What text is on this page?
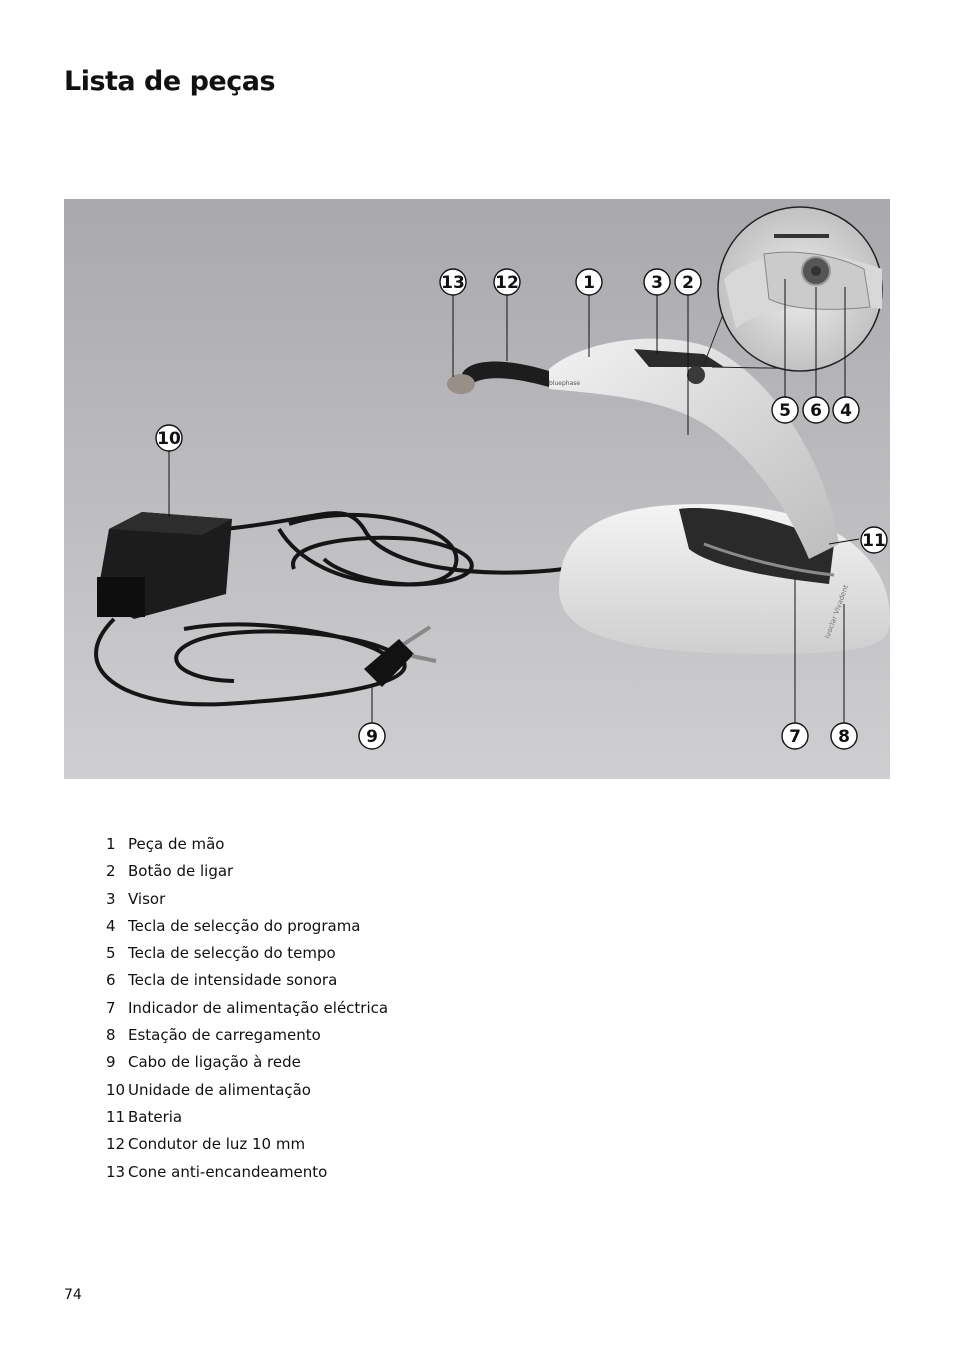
Lista de peças
Ivoclar Vivadent
bluephase
13 12	1	3 2
5 6 4
10
11
9	7 8
1 Peça de mão
2 Botão de ligar
3 Visor
4 Tecla de selecção do programa
5 Tecla de selecção do tempo
6 Tecla de intensidade sonora
7 Indicador de alimentação eléctrica
8 Estação de carregamento
9 Cabo de ligação à rede
10 Unidade de alimentação
11 Bateria
12 Condutor de luz 10 mm
13 Cone anti-encandeamento
74
